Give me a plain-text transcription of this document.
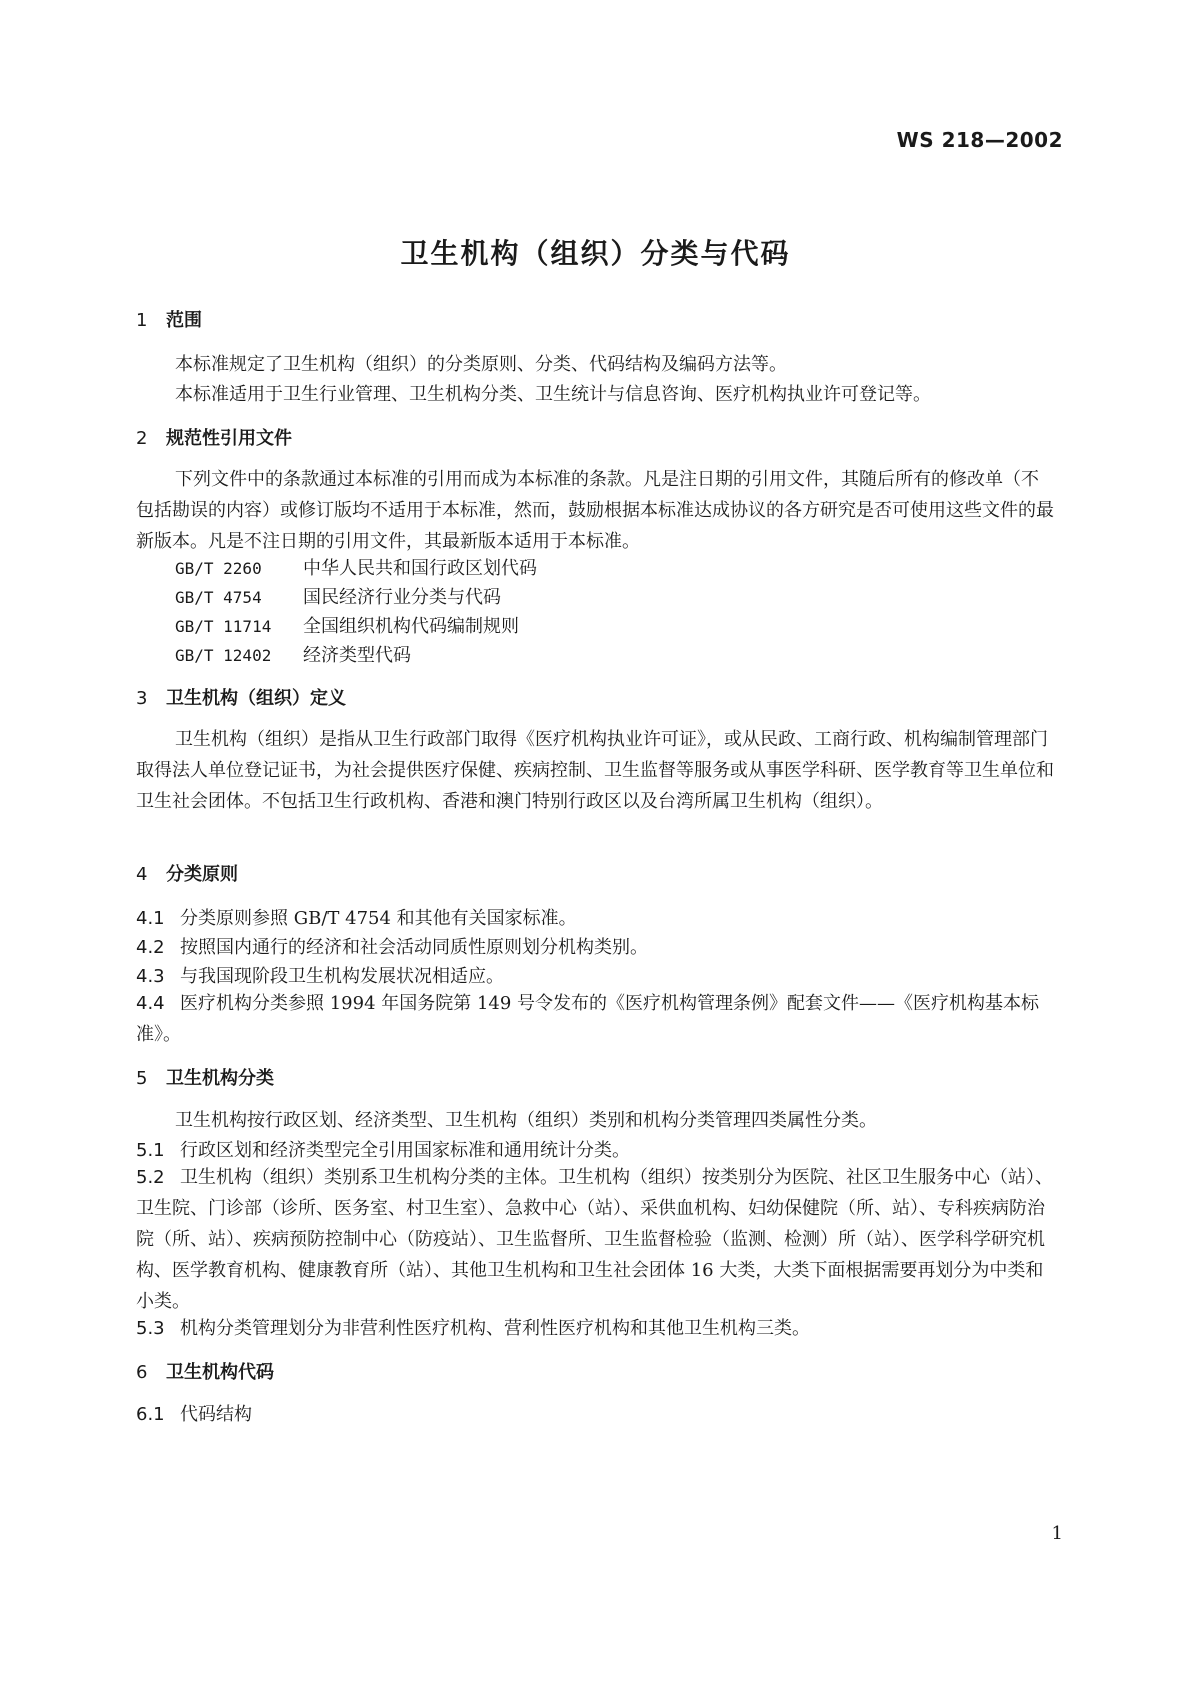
WS 218—2002
卫生机构（组织）分类与代码
1 范围
本标准规定了卫生机构（组织）的分类原则、分类、代码结构及编码方法等。
本标准适用于卫生行业管理、卫生机构分类、卫生统计与信息咨询、医疗机构执业许可登记等。
2 规范性引用文件
下列文件中的条款通过本标准的引用而成为本标准的条款。凡是注日期的引用文件，其随后所有的修改单（不包括勘误的内容）或修订版均不适用于本标准，然而，鼓励根据本标准达成协议的各方研究是否可使用这些文件的最新版本。凡是不注日期的引用文件，其最新版本适用于本标准。
GB/T 2260 中华人民共和国行政区划代码
GB/T 4754 国民经济行业分类与代码
GB/T 11714 全国组织机构代码编制规则
GB/T 12402 经济类型代码
3 卫生机构（组织）定义
卫生机构（组织）是指从卫生行政部门取得《医疗机构执业许可证》，或从民政、工商行政、机构编制管理部门取得法人单位登记证书，为社会提供医疗保健、疾病控制、卫生监督等服务或从事医学科研、医学教育等卫生单位和卫生社会团体。不包括卫生行政机构、香港和澳门特别行政区以及台湾所属卫生机构（组织）。
4 分类原则
4.1 分类原则参照 GB/T 4754 和其他有关国家标准。
4.2 按照国内通行的经济和社会活动同质性原则划分机构类别。
4.3 与我国现阶段卫生机构发展状况相适应。
4.4 医疗机构分类参照 1994 年国务院第 149 号令发布的《医疗机构管理条例》配套文件——《医疗机构基本标准》。
5 卫生机构分类
卫生机构按行政区划、经济类型、卫生机构（组织）类别和机构分类管理四类属性分类。
5.1 行政区划和经济类型完全引用国家标准和通用统计分类。
5.2 卫生机构（组织）类别系卫生机构分类的主体。卫生机构（组织）按类别分为医院、社区卫生服务中心（站）、卫生院、门诊部（诊所、医务室、村卫生室）、急救中心（站）、采供血机构、妇幼保健院（所、站）、专科疾病防治院（所、站）、疾病预防控制中心（防疫站）、卫生监督所、卫生监督检验（监测、检测）所（站）、医学科学研究机构、医学教育机构、健康教育所（站）、其他卫生机构和卫生社会团体 16 大类，大类下面根据需要再划分为中类和小类。
5.3 机构分类管理划分为非营利性医疗机构、营利性医疗机构和其他卫生机构三类。
6 卫生机构代码
6.1 代码结构
1
